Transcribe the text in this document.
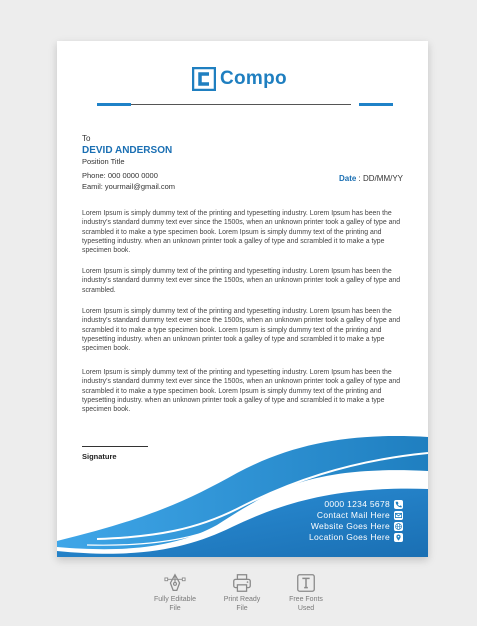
Compo
To
DEVID ANDERSON
Position Title
Phone: 000 0000 0000
Eamil: yourmail@gmail.com
Date : DD/MM/YY

Lorem Ipsum is simply dummy text of the printing and typesetting industry. Lorem Ipsum has been the industry's standard dummy text ever since the 1500s, when an unknown printer took a galley of type and scrambled it to make a type specimen book. Lorem Ipsum is simply dummy text of the printing and typesetting industry. when an unknown printer took a galley of type and scrambled it to make a type specimen book.

Lorem Ipsum is simply dummy text of the printing and typesetting industry. Lorem Ipsum has been the industry's standard dummy text ever since the 1500s, when an unknown printer took a galley of type and scrambled.

Lorem Ipsum is simply dummy text of the printing and typesetting industry. Lorem Ipsum has been the industry's standard dummy text ever since the 1500s, when an unknown printer took a galley of type and scrambled it to make a type specimen book. Lorem Ipsum is simply dummy text of the printing and typesetting industry. when an unknown printer took a galley of type and scrambled it to make a type specimen book.

Lorem Ipsum is simply dummy text of the printing and typesetting industry. Lorem Ipsum has been the industry's standard dummy text ever since the 1500s, when an unknown printer took a galley of type and scrambled it to make a type specimen book. Lorem Ipsum is simply dummy text of the printing and typesetting industry. when an unknown printer took a galley of type and scrambled it to make a type specimen book.

Signature
0000 1234 5678
Contact Mail Here
Website Goes Here
Location Goes Here
Fully Editable
File
Print Ready
File
Free Fonts
Used
